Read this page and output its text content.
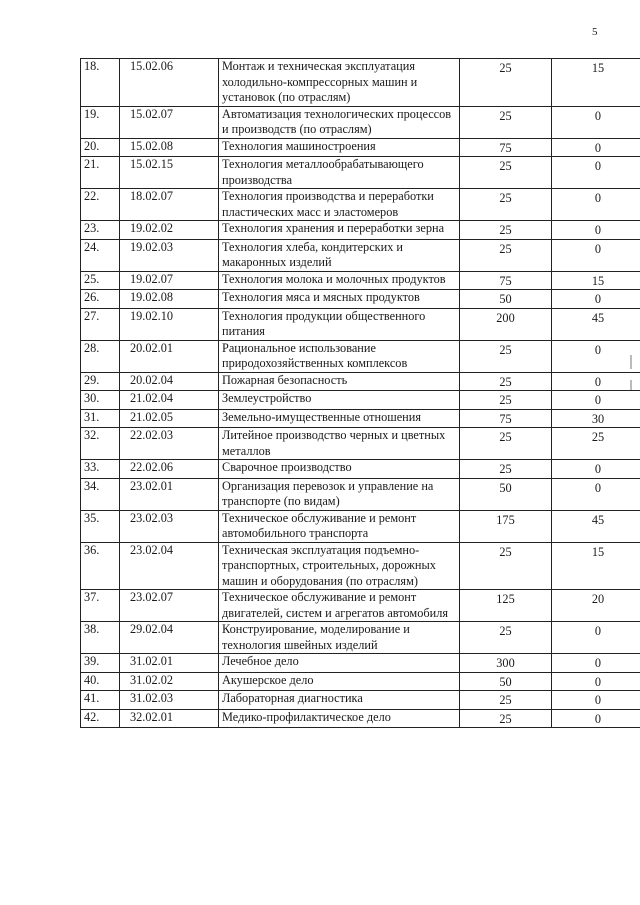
5
18.	15.02.06	Монтаж и техническая эксплуатация холодильно-компрессорных машин и установок (по отраслям)	25	15
19.	15.02.07	Автоматизация технологических процессов и производств (по отраслям)	25	0
20.	15.02.08	Технология машиностроения	75	0
21.	15.02.15	Технология металлообрабатывающего производства	25	0
22.	18.02.07	Технология производства и переработки пластических масс и эластомеров	25	0
23.	19.02.02	Технология хранения и переработки зерна	25	0
24.	19.02.03	Технология хлеба, кондитерских и макаронных изделий	25	0
25.	19.02.07	Технология молока и молочных продуктов	75	15
26.	19.02.08	Технология мяса и мясных продуктов	50	0
27.	19.02.10	Технология продукции общественного питания	200	45
28.	20.02.01	Рациональное использование природохозяйственных комплексов	25	0
29.	20.02.04	Пожарная безопасность	25	0
30.	21.02.04	Землеустройство	25	0
31.	21.02.05	Земельно-имущественные отношения	75	30
32.	22.02.03	Литейное производство черных и цветных металлов	25	25
33.	22.02.06	Сварочное производство	25	0
34.	23.02.01	Организация перевозок и управление на транспорте (по видам)	50	0
35.	23.02.03	Техническое обслуживание и ремонт автомобильного транспорта	175	45
36.	23.02.04	Техническая эксплуатация подъемно-транспортных, строительных, дорожных машин и оборудования (по отраслям)	25	15
37.	23.02.07	Техническое обслуживание и ремонт двигателей, систем и агрегатов автомобиля	125	20
38.	29.02.04	Конструирование, моделирование и технология швейных изделий	25	0
39.	31.02.01	Лечебное дело	300	0
40.	31.02.02	Акушерское дело	50	0
41.	31.02.03	Лабораторная диагностика	25	0
42.	32.02.01	Медико-профилактическое дело	25	0
